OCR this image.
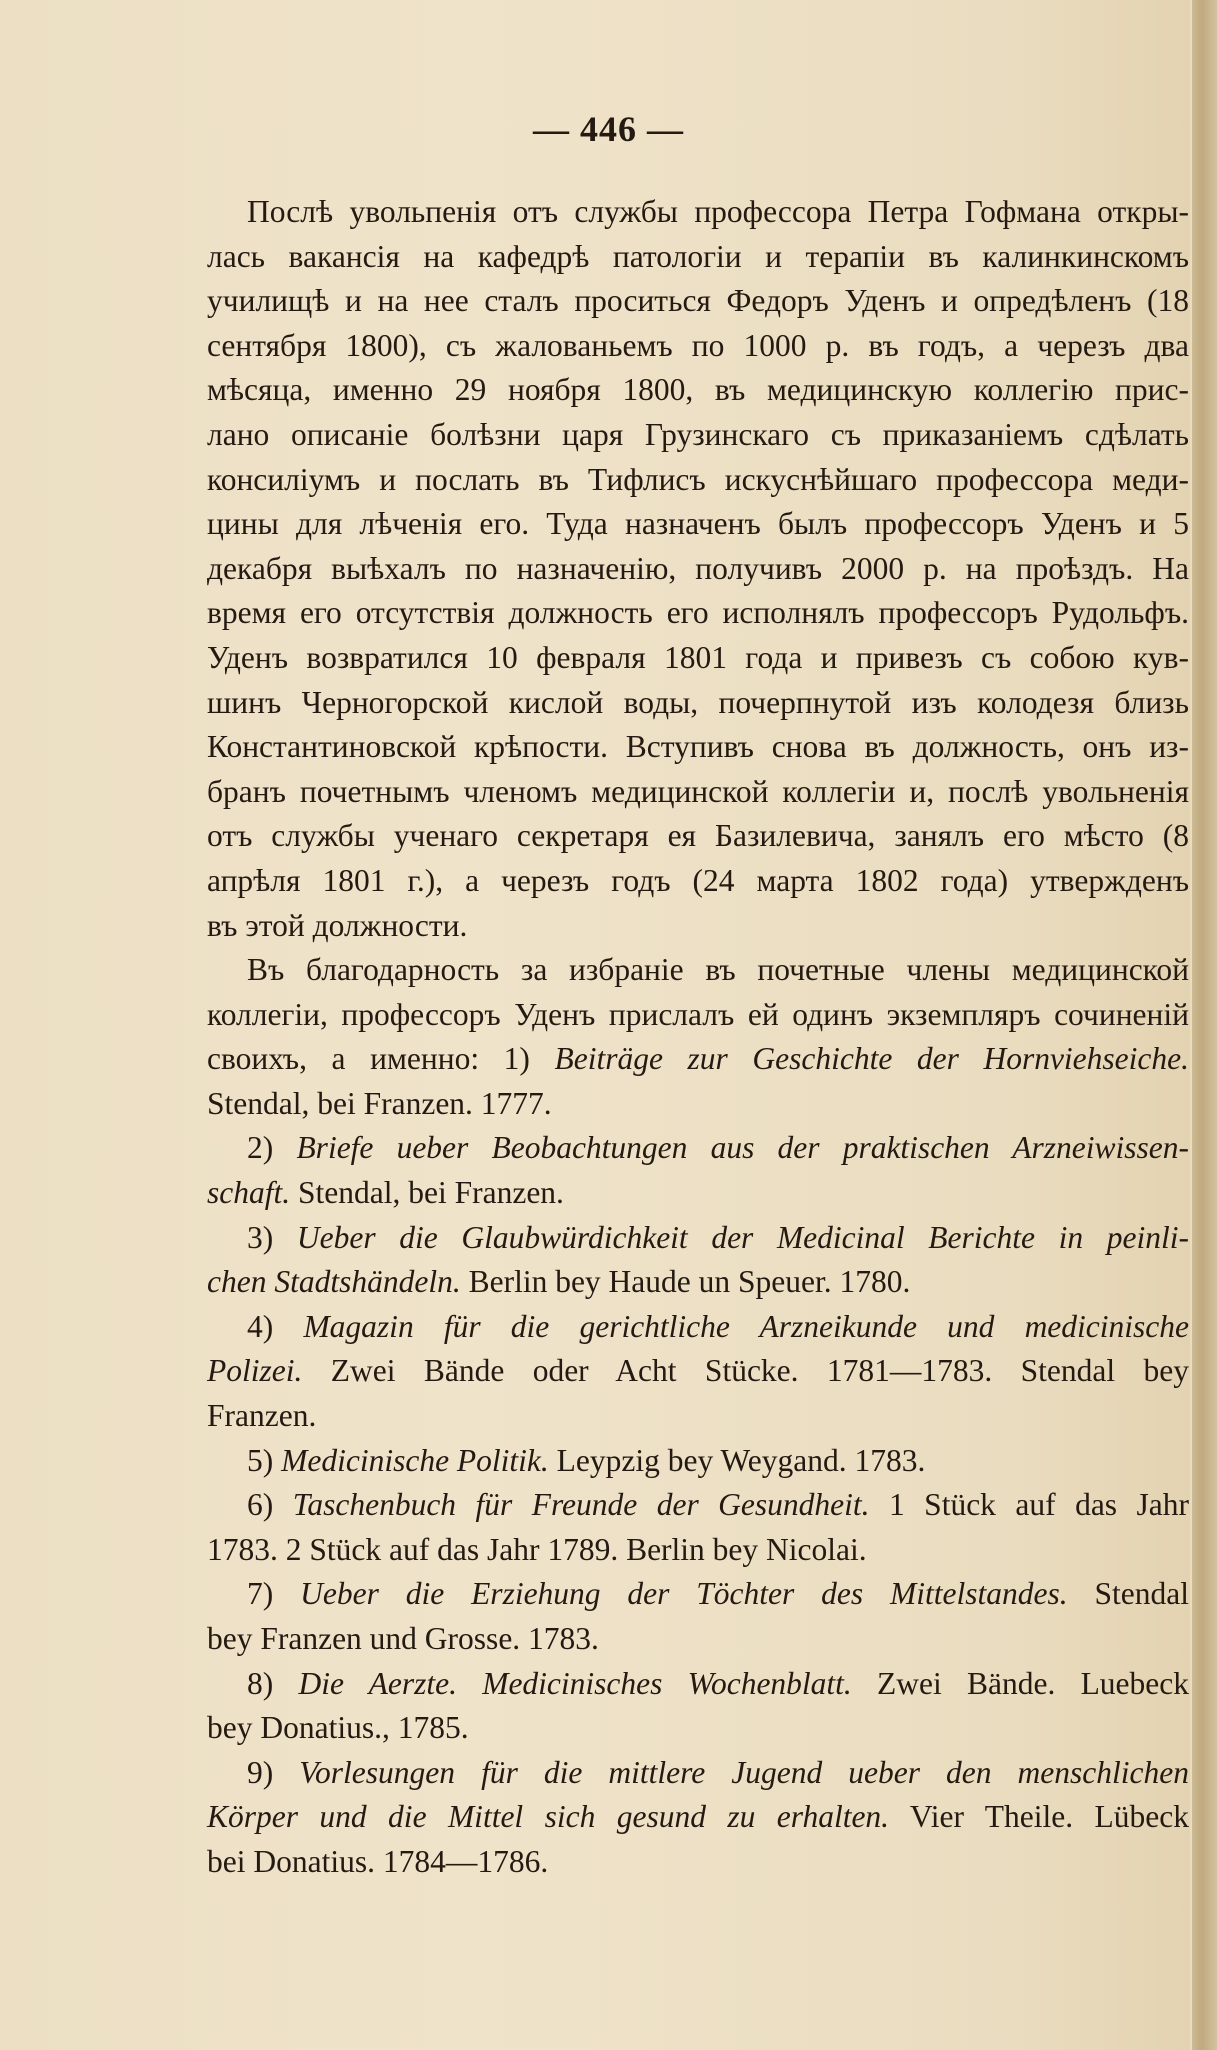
— 446 —
Послѣ увольпенія отъ службы профессора Петра Гофмана откры-
лась вакансія на кафедрѣ патологіи и терапіи въ калинкинскомъ
училищѣ и на нее сталъ проситься Федоръ Уденъ и опредѣленъ (18
сентября 1800), съ жалованьемъ по 1000 р. въ годъ, а черезъ два
мѣсяца, именно 29 ноября 1800, въ медицинскую коллегію прис-
лано описаніе болѣзни царя Грузинскаго съ приказаніемъ сдѣлать
консиліумъ и послать въ Тифлисъ искуснѣйшаго профессора меди-
цины для лѣченія его. Туда назначенъ былъ профессоръ Уденъ и 5
декабря выѣхалъ по назначенію, получивъ 2000 р. на проѣздъ. На
время его отсутствія должность его исполнялъ профессоръ Рудольфъ.
Уденъ возвратился 10 февраля 1801 года и привезъ съ собою кув-
шинъ Черногорской кислой воды, почерпнутой изъ колодезя близь
Константиновской крѣпости. Вступивъ снова въ должность, онъ из-
бранъ почетнымъ членомъ медицинской коллегіи и, послѣ увольненія
отъ службы ученаго секретаря ея Базилевича, занялъ его мѣсто (8
апрѣля 1801 г.), а черезъ годъ (24 марта 1802 года) утвержденъ
въ этой должности.
Въ благодарность за избраніе въ почетные члены медицинской
коллегіи, профессоръ Уденъ прислалъ ей одинъ экземпляръ сочиненій
своихъ, а именно: 1) Beiträge zur Geschichte der Hornviehseiche.
Stendal, bei Franzen. 1777.
2) Briefe ueber Beobachtungen aus der praktischen Arzneiwissen-
schaft. Stendal, bei Franzen.
3) Ueber die Glaubwürdichkeit der Medicinal Berichte in peinli-
chen Stadtshändeln. Berlin bey Haude un Speuer. 1780.
4) Magazin für die gerichtliche Arzneikunde und medicinische
Polizei. Zwei Bände oder Acht Stücke. 1781—1783. Stendal bey
Franzen.
5) Medicinische Politik. Leypzig bey Weygand. 1783.
6) Taschenbuch für Freunde der Gesundheit. 1 Stück auf das Jahr
1783. 2 Stück auf das Jahr 1789. Berlin bey Nicolai.
7) Ueber die Erziehung der Töchter des Mittelstandes. Stendal
bey Franzen und Grosse. 1783.
8) Die Aerzte. Medicinisches Wochenblatt. Zwei Bände. Luebeck
bey Donatius., 1785.
9) Vorlesungen für die mittlere Jugend ueber den menschlichen
Körper und die Mittel sich gesund zu erhalten. Vier Theile. Lübeck
bei Donatius. 1784—1786.
